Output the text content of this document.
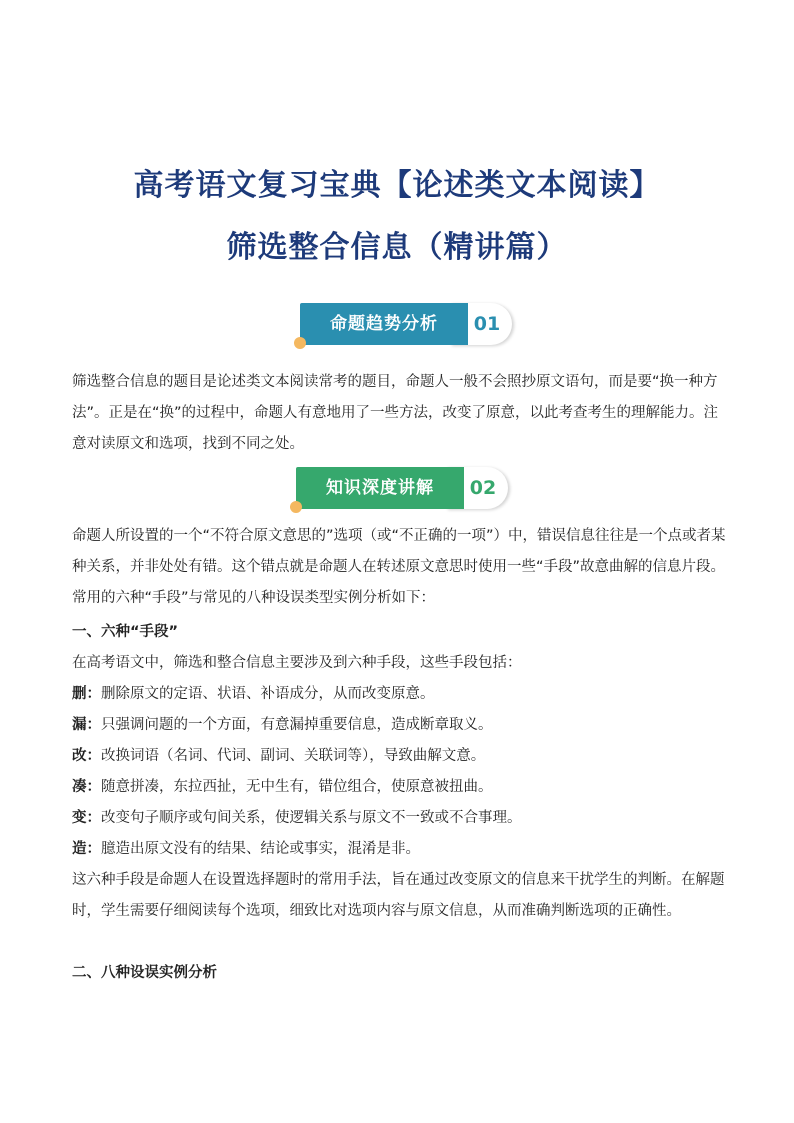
高考语文复习宝典【论述类文本阅读】
筛选整合信息（精讲篇）
01
命题趋势分析

筛选整合信息的题目是论述类文本阅读常考的题目，命题人一般不会照抄原文语句，而是要“换一种方法”。正是在“换”的过程中，命题人有意地用了一些方法，改变了原意，以此考查考生的理解能力。注意对读原文和选项，找到不同之处。

02
知识深度讲解

命题人所设置的一个“不符合原文意思的”选项（或“不正确的一项”）中，错误信息往往是一个点或者某种关系，并非处处有错。这个错点就是命题人在转述原文意思时使用一些“手段”故意曲解的信息片段。常用的六种“手段”与常见的八种设误类型实例分析如下：

一、六种“手段”
在高考语文中，筛选和整合信息主要涉及到六种手段，这些手段包括：
删：删除原文的定语、状语、补语成分，从而改变原意。
漏：只强调问题的一个方面，有意漏掉重要信息，造成断章取义。
改：改换词语（名词、代词、副词、关联词等），导致曲解文意。
凑：随意拼凑，东拉西扯，无中生有，错位组合，使原意被扭曲。
变：改变句子顺序或句间关系，使逻辑关系与原文不一致或不合事理。
造：臆造出原文没有的结果、结论或事实，混淆是非。

这六种手段是命题人在设置选择题时的常用手法，旨在通过改变原文的信息来干扰学生的判断。在解题时，学生需要仔细阅读每个选项，细致比对选项内容与原文信息，从而准确判断选项的正确性。

二、八种设误实例分析
